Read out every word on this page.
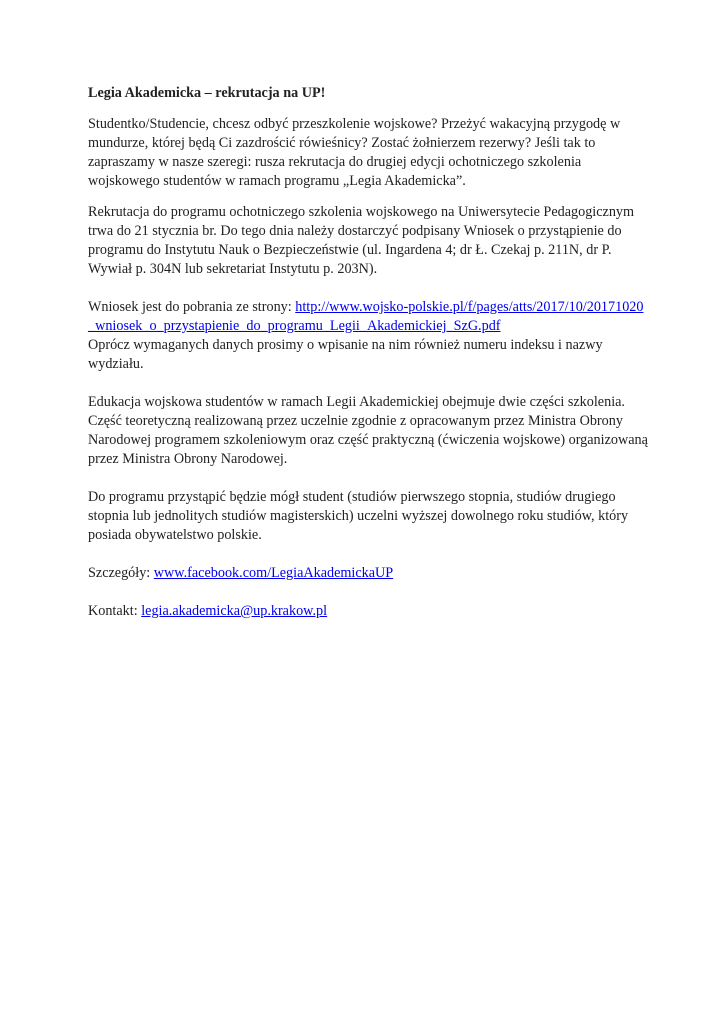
Legia Akademicka – rekrutacja na UP!

Studentko/Studencie, chcesz odbyć przeszkolenie wojskowe? Przeżyć wakacyjną przygodę w mundurze, której będą Ci zazdrościć rówieśnicy? Zostać żołnierzem rezerwy? Jeśli tak to zapraszamy w nasze szeregi: rusza rekrutacja do drugiej edycji ochotniczego szkolenia wojskowego studentów w ramach programu „Legia Akademicka”.

Rekrutacja do programu ochotniczego szkolenia wojskowego na Uniwersytecie Pedagogicznym trwa do 21 stycznia br. Do tego dnia należy dostarczyć podpisany Wniosek o przystąpienie do programu do Instytutu Nauk o Bezpieczeństwie (ul. Ingardena 4; dr Ł. Czekaj p. 211N, dr P. Wywiał p. 304N lub sekretariat Instytutu p. 203N).

Wniosek jest do pobrania ze strony: http://www.wojsko-polskie.pl/f/pages/atts/2017/10/20171020_wniosek_o_przystapienie_do_programu_Legii_Akademickiej_SzG.pdf

Oprócz wymaganych danych prosimy o wpisanie na nim również numeru indeksu i nazwy wydziału.

Edukacja wojskowa studentów w ramach Legii Akademickiej obejmuje dwie części szkolenia. Część teoretyczną realizowaną przez uczelnie zgodnie z opracowanym przez Ministra Obrony Narodowej programem szkoleniowym oraz część praktyczną (ćwiczenia wojskowe) organizowaną przez Ministra Obrony Narodowej.

Do programu przystąpić będzie mógł student (studiów pierwszego stopnia, studiów drugiego stopnia lub jednolitych studiów magisterskich) uczelni wyższej dowolnego roku studiów, który posiada obywatelstwo polskie.

Szczegóły: www.facebook.com/LegiaAkademickaUP

Kontakt: legia.akademicka@up.krakow.pl
